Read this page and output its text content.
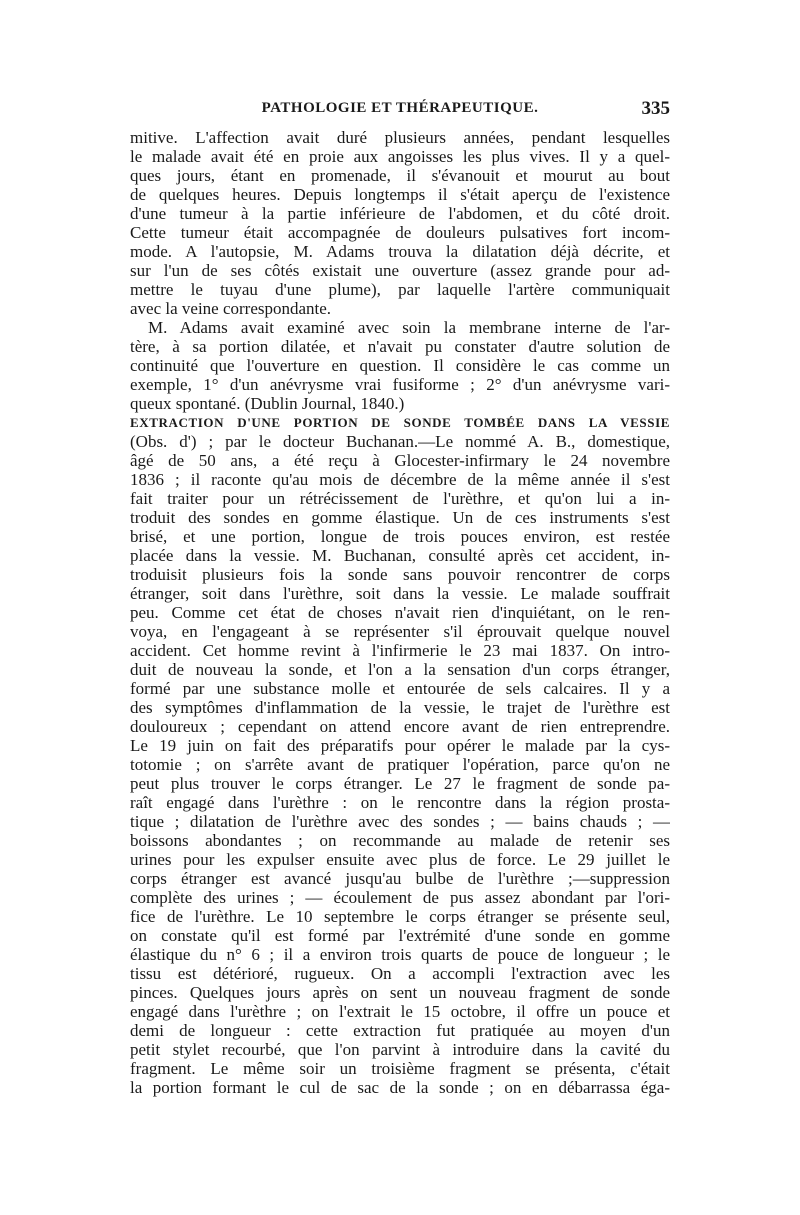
PATHOLOGIE ET THÉRAPEUTIQUE.	335
mitive. L'affection avait duré plusieurs années, pendant lesquelles
le malade avait été en proie aux angoisses les plus vives. Il y a quel-
ques jours, étant en promenade, il s'évanouit et mourut au bout
de quelques heures. Depuis longtemps il s'était aperçu de l'existence
d'une tumeur à la partie inférieure de l'abdomen, et du côté droit.
Cette tumeur était accompagnée de douleurs pulsatives fort incom-
mode. A l'autopsie, M. Adams trouva la dilatation déjà décrite, et
sur l'un de ses côtés existait une ouverture (assez grande pour ad-
mettre le tuyau d'une plume), par laquelle l'artère communiquait
avec la veine correspondante.
M. Adams avait examiné avec soin la membrane interne de l'ar-
tère, à sa portion dilatée, et n'avait pu constater d'autre solution de
continuité que l'ouverture en question. Il considère le cas comme un
exemple, 1° d'un anévrysme vrai fusiforme ; 2° d'un anévrysme vari-
queux spontané. (Dublin Journal, 1840.)
EXTRACTION D'UNE PORTION DE SONDE TOMBÉE DANS LA VESSIE
(Obs. d') ; par le docteur Buchanan.—Le nommé A. B., domestique,
âgé de 50 ans, a été reçu à Glocester-infirmary le 24 novembre
1836 ; il raconte qu'au mois de décembre de la même année il s'est
fait traiter pour un rétrécissement de l'urèthre, et qu'on lui a in-
troduit des sondes en gomme élastique. Un de ces instruments s'est
brisé, et une portion, longue de trois pouces environ, est restée
placée dans la vessie. M. Buchanan, consulté après cet accident, in-
troduisit plusieurs fois la sonde sans pouvoir rencontrer de corps
étranger, soit dans l'urèthre, soit dans la vessie. Le malade souffrait
peu. Comme cet état de choses n'avait rien d'inquiétant, on le ren-
voya, en l'engageant à se représenter s'il éprouvait quelque nouvel
accident. Cet homme revint à l'infirmerie le 23 mai 1837. On intro-
duit de nouveau la sonde, et l'on a la sensation d'un corps étranger,
formé par une substance molle et entourée de sels calcaires. Il y a
des symptômes d'inflammation de la vessie, le trajet de l'urèthre est
douloureux ; cependant on attend encore avant de rien entreprendre.
Le 19 juin on fait des préparatifs pour opérer le malade par la cys-
totomie ; on s'arrête avant de pratiquer l'opération, parce qu'on ne
peut plus trouver le corps étranger. Le 27 le fragment de sonde pa-
raît engagé dans l'urèthre : on le rencontre dans la région prosta-
tique ; dilatation de l'urèthre avec des sondes ; — bains chauds ; —
boissons abondantes ; on recommande au malade de retenir ses
urines pour les expulser ensuite avec plus de force. Le 29 juillet le
corps étranger est avancé jusqu'au bulbe de l'urèthre ;—suppression
complète des urines ; — écoulement de pus assez abondant par l'ori-
fice de l'urèthre. Le 10 septembre le corps étranger se présente seul,
on constate qu'il est formé par l'extrémité d'une sonde en gomme
élastique du n° 6 ; il a environ trois quarts de pouce de longueur ; le
tissu est détérioré, rugueux. On a accompli l'extraction avec les
pinces. Quelques jours après on sent un nouveau fragment de sonde
engagé dans l'urèthre ; on l'extrait le 15 octobre, il offre un pouce et
demi de longueur : cette extraction fut pratiquée au moyen d'un
petit stylet recourbé, que l'on parvint à introduire dans la cavité du
fragment. Le même soir un troisième fragment se présenta, c'était
la portion formant le cul de sac de la sonde ; on en débarrassa éga-
